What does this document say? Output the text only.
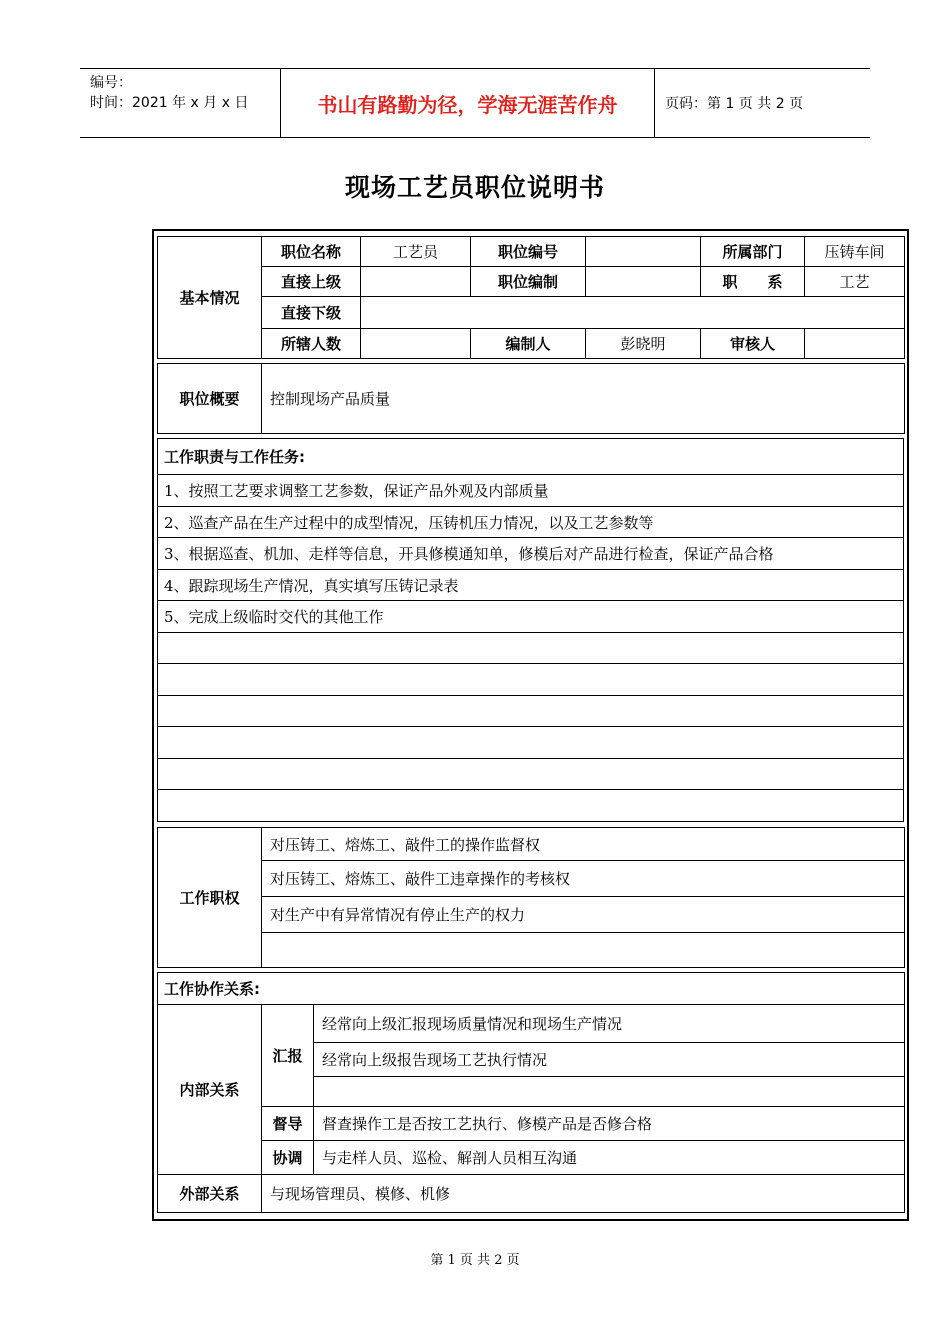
编号：
时间：2021 年 x 月 x 日	书山有路勤为径，学海无涯苦作舟	页码：第 1 页 共 2 页
现场工艺员职位说明书
基本情况	职位名称	工艺员	职位编号		所属部门	压铸车间
	直接上级		职位编制		职　　系	工艺
	直接下级					
	所辖人数		编制人	彭晓明	审核人	
职位概要	控制现场产品质量
工作职责与工作任务:
1、按照工艺要求调整工艺参数，保证产品外观及内部质量
2、巡查产品在生产过程中的成型情况，压铸机压力情况，以及工艺参数等
3、根据巡查、机加、走样等信息，开具修模通知单，修模后对产品进行检查，保证产品合格
4、跟踪现场生产情况，真实填写压铸记录表
5、完成上级临时交代的其他工作

工作职权	对压铸工、熔炼工、敲件工的操作监督权
对压铸工、熔炼工、敲件工违章操作的考核权
对生产中有异常情况有停止生产的权力

工作协作关系:		
内部关系	汇报	经常向上级汇报现场质量情况和现场生产情况
		经常向上级报告现场工艺执行情况

	督导	督查操作工是否按工艺执行、修模产品是否修合格
	协调	与走样人员、巡检、解剖人员相互沟通
外部关系	与现场管理员、模修、机修	
第 1 页 共 2 页
